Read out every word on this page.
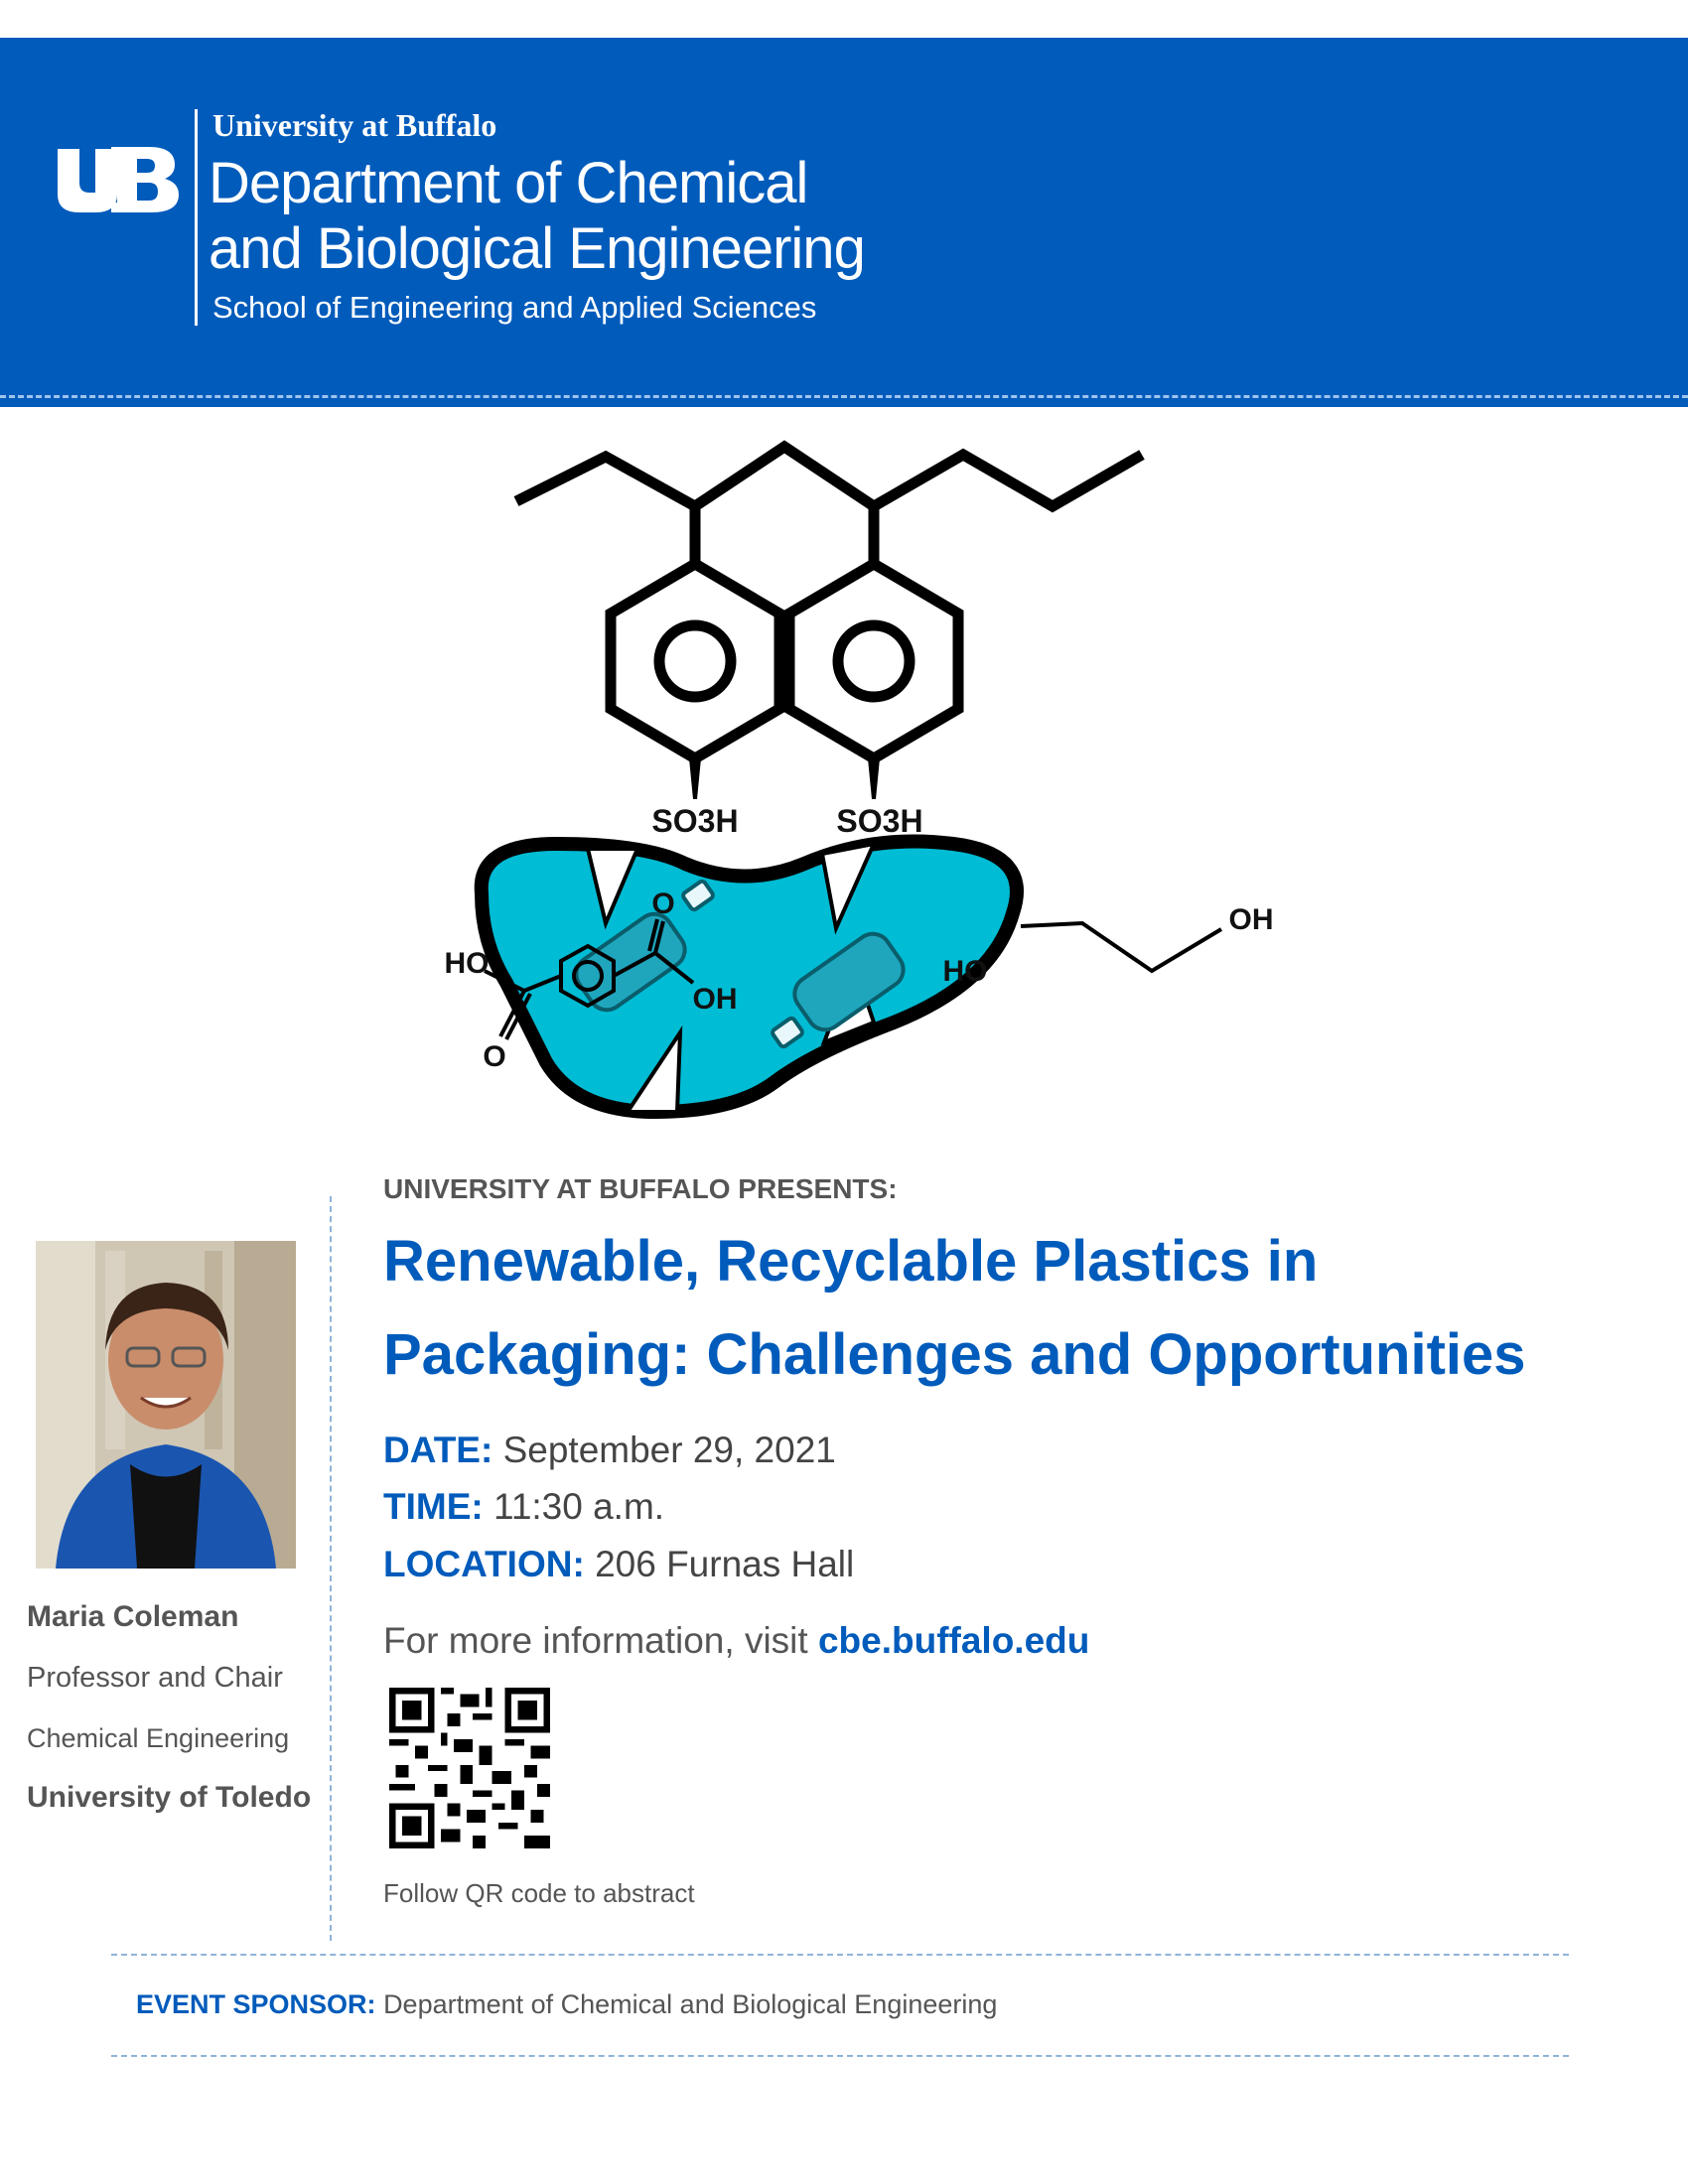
University at Buffalo
Department of Chemical
and Biological Engineering
School of Engineering and Applied Sciences
SO3H	SO3H
HO
O
O
OH
HO
OH
Maria Coleman
Professor and Chair
Chemical Engineering
University of Toledo
UNIVERSITY AT BUFFALO PRESENTS:
Renewable, Recyclable Plastics in
Packaging: Challenges and Opportunities
DATE: September 29, 2021
TIME: 11:30 a.m.
LOCATION: 206 Furnas Hall
For more information, visit cbe.buffalo.edu
Follow QR code to abstract
EVENT SPONSOR: Department of Chemical and Biological Engineering
